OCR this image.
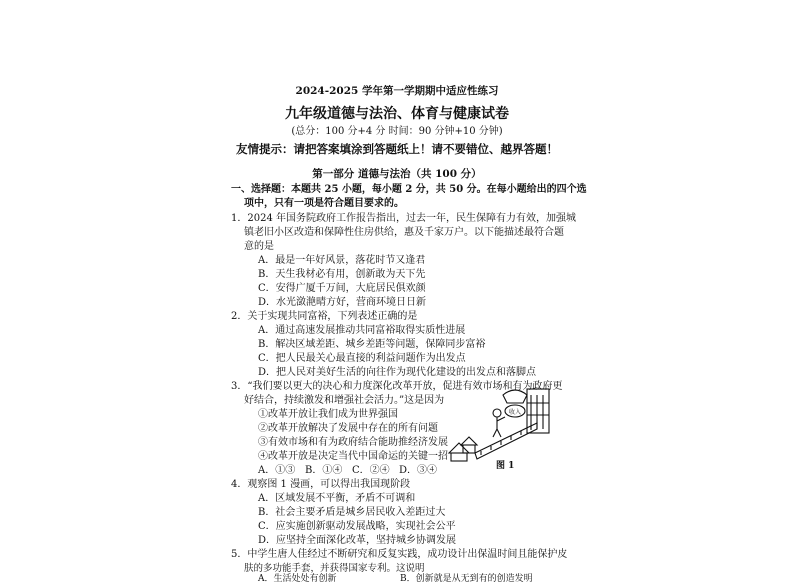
2024-2025 学年第一学期期中适应性练习
九年级道德与法治、体育与健康试卷
(总分：100 分+4 分 时间：90 分钟+10 分钟)
友情提示：请把答案填涂到答题纸上！请不要错位、越界答题！
第一部分 道德与法治（共 100 分）
一、选择题：本题共 25 小题，每小题 2 分，共 50 分。在每小题给出的四个选
项中，只有一项是符合题目要求的。
1．2024 年国务院政府工作报告指出，过去一年，民生保障有力有效，加强城
镇老旧小区改造和保障性住房供给，惠及千家万户。以下能描述最符合题
意的是
A．最是一年好风景，落花时节又逢君
B．天生我材必有用，创新敢为天下先
C．安得广厦千万间，大庇居民俱欢颜
D．水光潋滟晴方好，营商环境日日新
2．关于实现共同富裕，下列表述正确的是
A．通过高速发展推动共同富裕取得实质性进展
B．解决区域差距、城乡差距等问题，保障同步富裕
C．把人民最关心最直接的利益问题作为出发点
D．把人民对美好生活的向往作为现代化建设的出发点和落脚点
3．“我们要以更大的决心和力度深化改革开放，促进有效市场和有为政府更
好结合，持续激发和增强社会活力。”这是因为
①改革开放让我们成为世界强国
②改革开放解决了发展中存在的所有问题
③有效市场和有为政府结合能助推经济发展
④改革开放是决定当代中国命运的关键一招
A．①③ B．①④ C．②④ D．③④
4．观察图 1 漫画，可以得出我国现阶段
A．区域发展不平衡，矛盾不可调和
B．社会主要矛盾是城乡居民收入差距过大
C．应实施创新驱动发展战略，实现社会公平
D．应坚持全面深化改革，坚持城乡协调发展
收入
图 1
5．中学生唐人佳经过不断研究和反复实践，成功设计出保温时间且能保护皮
肤的多功能手套，并获得国家专利。这说明
A．生活处处有创新	B．创新就是从无到有的创造发明
